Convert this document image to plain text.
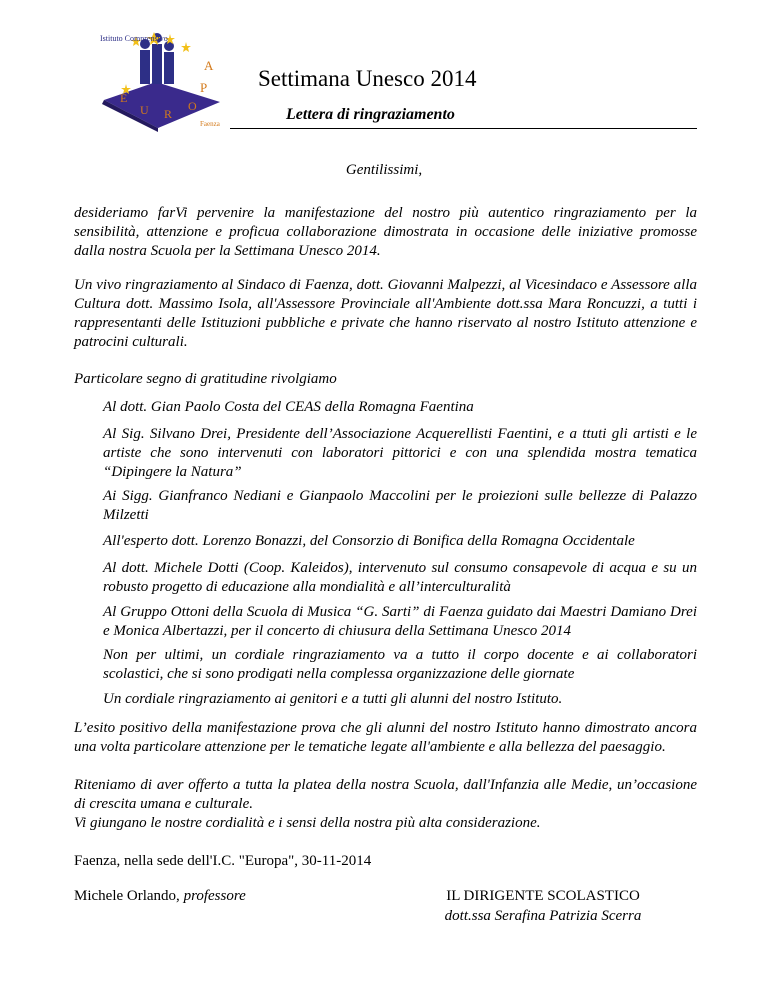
Istituto Comprensivo
A
P
O
R
U
E
Faenza
Settimana Unesco 2014
Lettera di ringraziamento
Gentilissimi,
desideriamo farVi pervenire la manifestazione del nostro più autentico ringraziamento per la sensibilità, attenzione e proficua collaborazione dimostrata in occasione delle iniziative promosse dalla nostra Scuola per la Settimana Unesco 2014.
Un vivo ringraziamento al Sindaco di Faenza, dott. Giovanni Malpezzi, al Vicesindaco e Assessore alla Cultura dott. Massimo Isola, all'Assessore Provinciale all'Ambiente dott.ssa Mara Roncuzzi, a tutti i rappresentanti delle Istituzioni pubbliche e private che hanno riservato al nostro Istituto attenzione e patrocini culturali.
Particolare segno di gratitudine rivolgiamo
Al dott. Gian Paolo Costa del CEAS della Romagna Faentina
Al Sig. Silvano Drei, Presidente dell’Associazione Acquerellisti Faentini, e a ttuti gli artisti e le artiste che sono intervenuti con laboratori pittorici e con una splendida mostra tematica “Dipingere la Natura”
Ai Sigg. Gianfranco Nediani e Gianpaolo Maccolini per le proiezioni sulle bellezze di Palazzo Milzetti
All'esperto dott. Lorenzo Bonazzi, del Consorzio di Bonifica della Romagna Occidentale
Al dott. Michele Dotti (Coop. Kaleidos), intervenuto sul consumo consapevole di acqua e su un robusto progetto di educazione alla mondialità e all’interculturalità
Al Gruppo Ottoni della Scuola di Musica “G. Sarti” di Faenza guidato dai Maestri Damiano Drei e Monica Albertazzi, per il concerto di chiusura della Settimana Unesco 2014
Non per ultimi, un cordiale ringraziamento va a tutto il corpo docente e ai collaboratori scolastici, che si sono prodigati nella complessa organizzazione delle giornate
Un cordiale ringraziamento ai genitori e a tutti gli alunni del nostro Istituto.
L’esito positivo della manifestazione prova che gli alunni del nostro Istituto hanno dimostrato ancora una volta particolare attenzione per le tematiche legate all'ambiente e alla bellezza del paesaggio.
Riteniamo di aver offerto a tutta la platea della nostra Scuola, dall'Infanzia alle Medie, un’occasione di crescita umana e culturale.
Vi giungano le nostre cordialità e i sensi della nostra più alta considerazione.
Faenza, nella sede dell'I.C. "Europa", 30-11-2014
Michele Orlando, professore	IL DIRIGENTE SCOLASTICO
dott.ssa Serafina Patrizia Scerra
